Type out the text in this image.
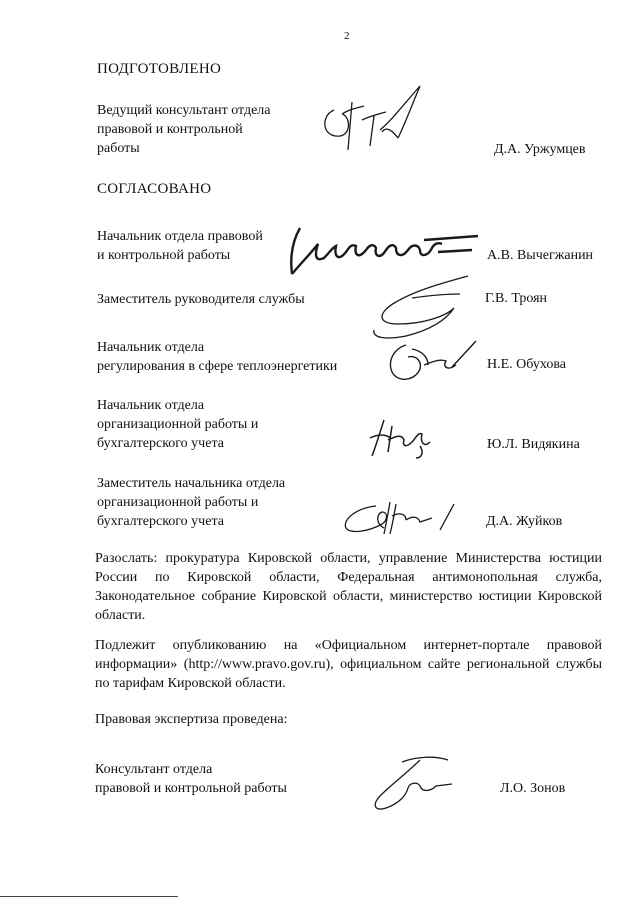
2
ПОДГОТОВЛЕНО
Ведущий консультант отдела
правовой и контрольной
работы	Д.А. Уржумцев
СОГЛАСОВАНО
Начальник отдела правовой
и контрольной работы	А.В. Вычегжанин
Заместитель руководителя службы	Г.В. Троян
Начальник отдела
регулирования в сфере теплоэнергетики	Н.Е. Обухова
Начальник отдела
организационной работы и
бухгалтерского учета	Ю.Л. Видякина
Заместитель начальника отдела
организационной работы и
бухгалтерского учета	Д.А. Жуйков
Разослать: прокуратура Кировской области, управление Министерства юстиции России по Кировской области, Федеральная антимонопольная служба, Законодательное собрание Кировской области, министерство юстиции Кировской области.
Подлежит опубликованию на «Официальном интернет-портале правовой информации» (http://www.pravo.gov.ru), официальном сайте региональной службы по тарифам Кировской области.
Правовая экспертиза проведена:
Консультант отдела
правовой и контрольной работы	Л.О. Зонов
